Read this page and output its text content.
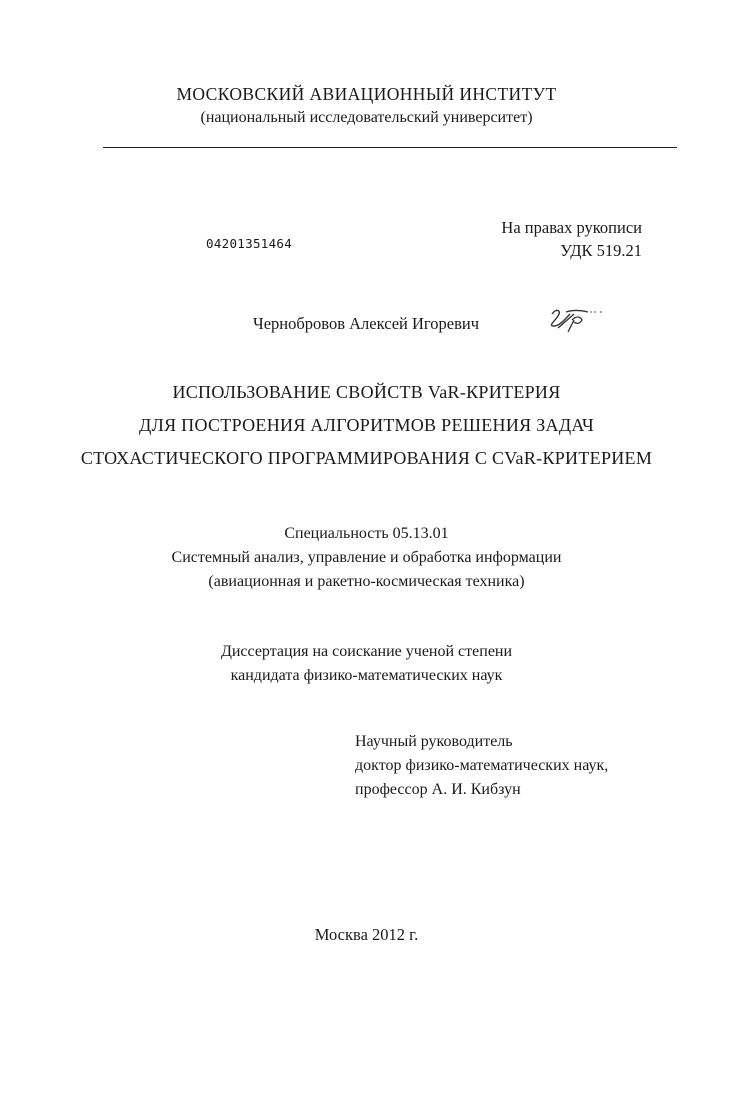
МОСКОВСКИЙ АВИАЦИОННЫЙ ИНСТИТУТ
(национальный исследовательский университет)
На правах рукописи
УДК 519.21
04201351464
Чернобровов Алексей Игоревич
ИСПОЛЬЗОВАНИЕ СВОЙСТВ VaR-КРИТЕРИЯ
ДЛЯ ПОСТРОЕНИЯ АЛГОРИТМОВ РЕШЕНИЯ ЗАДАЧ
СТОХАСТИЧЕСКОГО ПРОГРАММИРОВАНИЯ С CVaR-КРИТЕРИЕМ
Специальность 05.13.01
Системный анализ, управление и обработка информации
(авиационная и ракетно-космическая техника)
Диссертация на соискание ученой степени
кандидата физико-математических наук
Научный руководитель
доктор физико-математических наук,
профессор А. И. Кибзун
Москва 2012 г.
